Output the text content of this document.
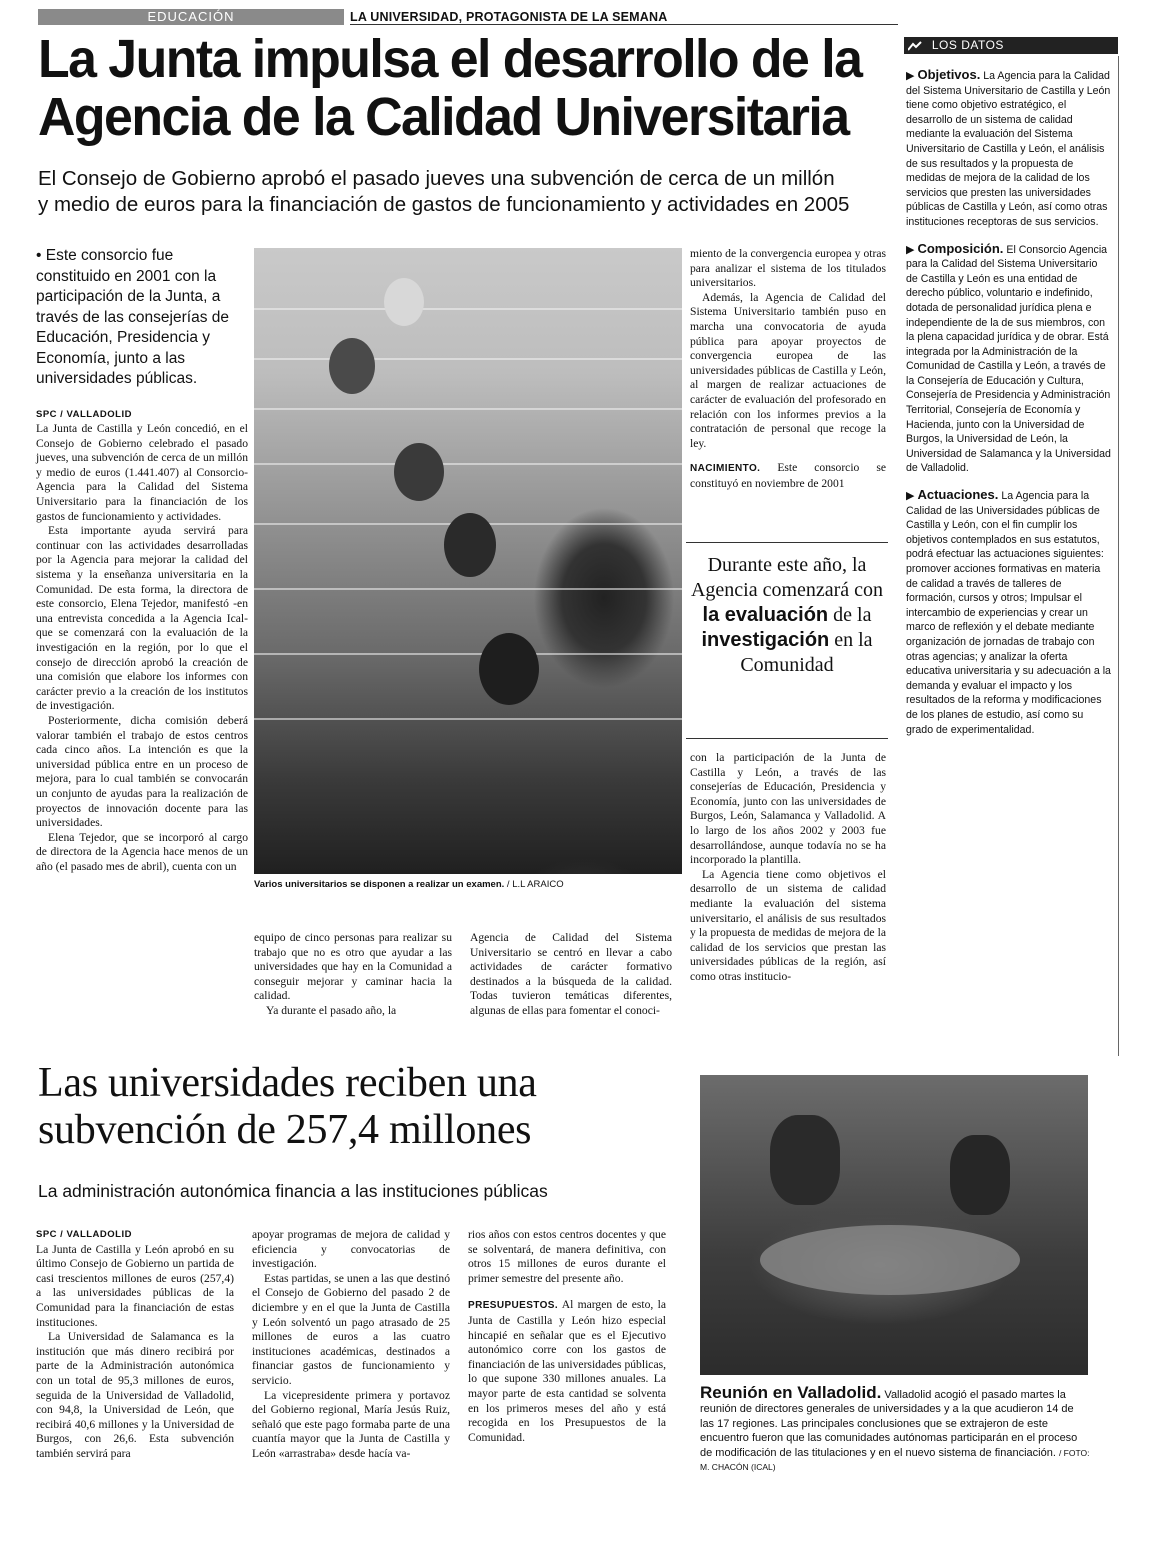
EDUCACIÓN	LA UNIVERSIDAD, PROTAGONISTA DE LA SEMANA
La Junta impulsa el desarrollo de la
Agencia de la Calidad Universitaria
El Consejo de Gobierno aprobó el pasado jueves una subvención de cerca de un millón
y medio de euros para la financiación de gastos de funcionamiento y actividades en 2005
• Este consorcio fue constituido en 2001 con la participación de la Junta, a través de las consejerías de Educación, Presidencia y Economía, junto a las universidades públicas.
SPC / VALLADOLID

La Junta de Castilla y León concedió, en el Consejo de Gobierno celebrado el pasado jueves, una subvención de cerca de un millón y medio de euros (1.441.407) al Consorcio-Agencia para la Calidad del Sistema Universitario para la financiación de los gastos de funcionamiento y actividades.

Esta importante ayuda servirá para continuar con las actividades desarrolladas por la Agencia para mejorar la calidad del sistema y la enseñanza universitaria en la Comunidad. De esta forma, la directora de este consorcio, Elena Tejedor, manifestó -en una entrevista concedida a la Agencia Ical- que se comenzará con la evaluación de la investigación en la región, por lo que el consejo de dirección aprobó la creación de una comisión que elabore los informes con carácter previo a la creación de los institutos de investigación.

Posteriormente, dicha comisión deberá valorar también el trabajo de estos centros cada cinco años. La intención es que la universidad pública entre en un proceso de mejora, para lo cual también se convocarán un conjunto de ayudas para la realización de proyectos de innovación docente para las universidades.

Elena Tejedor, que se incorporó al cargo de directora de la Agencia hace menos de un año (el pasado mes de abril), cuenta con un

Varios universitarios se disponen a realizar un examen. / L.L ARAICO

equipo de cinco personas para realizar su trabajo que no es otro que ayudar a las universidades que hay en la Comunidad a conseguir mejorar y caminar hacia la calidad.

Ya durante el pasado año, la

Agencia de Calidad del Sistema Universitario se centró en llevar a cabo actividades de carácter formativo destinados a la búsqueda de la calidad. Todas tuvieron temáticas diferentes, algunas de ellas para fomentar el conoci-

miento de la convergencia europea y otras para analizar el sistema de los titulados universitarios.

Además, la Agencia de Calidad del Sistema Universitario también puso en marcha una convocatoria de ayuda pública para apoyar proyectos de convergencia europea de las universidades públicas de Castilla y León, al margen de realizar actuaciones de carácter de evaluación del profesorado en relación con los informes previos a la contratación de personal que recoge la ley.

NACIMIENTO. Este consorcio se constituyó en noviembre de 2001

Durante este año, la Agencia comenzará con la evaluación de la investigación en la Comunidad

con la participación de la Junta de Castilla y León, a través de las consejerías de Educación, Presidencia y Economía, junto con las universidades de Burgos, León, Salamanca y Valladolid. A lo largo de los años 2002 y 2003 fue desarrollándose, aunque todavía no se ha incorporado la plantilla.

La Agencia tiene como objetivos el desarrollo de un sistema de calidad mediante la evaluación del sistema universitario, el análisis de sus resultados y la propuesta de medidas de mejora de la calidad de los servicios que prestan las universidades públicas de la región, así como otras institucio-

LOS DATOS
▶ Objetivos. La Agencia para la Calidad del Sistema Universitario de Castilla y León tiene como objetivo estratégico, el desarrollo de un sistema de calidad mediante la evaluación del Sistema Universitario de Castilla y León, el análisis de sus resultados y la propuesta de medidas de mejora de la calidad de los servicios que presten las universidades públicas de Castilla y León, así como otras instituciones receptoras de sus servicios.
▶ Composición. El Consorcio Agencia para la Calidad del Sistema Universitario de Castilla y León es una entidad de derecho público, voluntario e indefinido, dotada de personalidad jurídica plena e independiente de la de sus miembros, con la plena capacidad jurídica y de obrar. Está integrada por la Administración de la Comunidad de Castilla y León, a través de la Consejería de Educación y Cultura, Consejería de Presidencia y Administración Territorial, Consejería de Economía y Hacienda, junto con la Universidad de Burgos, la Universidad de León, la Universidad de Salamanca y la Universidad de Valladolid.
▶ Actuaciones. La Agencia para la Calidad de las Universidades públicas de Castilla y León, con el fin cumplir los objetivos contemplados en sus estatutos, podrá efectuar las actuaciones siguientes: promover acciones formativas en materia de calidad a través de talleres de formación, cursos y otros; Impulsar el intercambio de experiencias y crear un marco de reflexión y el debate mediante organización de jornadas de trabajo con otras agencias; y analizar la oferta educativa universitaria y su adecuación a la demanda y evaluar el impacto y los resultados de la reforma y modificaciones de los planes de estudio, así como su grado de experimentalidad.
Las universidades reciben una
subvención de 257,4 millones
La administración autonómica financia a las instituciones públicas
SPC / VALLADOLID

La Junta de Castilla y León aprobó en su último Consejo de Gobierno un partida de casi trescientos millones de euros (257,4) a las universidades públicas de la Comunidad para la financiación de estas instituciones.

La Universidad de Salamanca es la institución que más dinero recibirá por parte de la Administración autonómica con un total de 95,3 millones de euros, seguida de la Universidad de Valladolid, con 94,8, la Universidad de León, que recibirá 40,6 millones y la Universidad de Burgos, con 26,6. Esta subvención también servirá para

apoyar programas de mejora de calidad y eficiencia y convocatorias de investigación.

Estas partidas, se unen a las que destinó el Consejo de Gobierno del pasado 2 de diciembre y en el que la Junta de Castilla y León solventó un pago atrasado de 25 millones de euros a las cuatro instituciones académicas, destinados a financiar gastos de funcionamiento y servicio.

La vicepresidente primera y portavoz del Gobierno regional, María Jesús Ruiz, señaló que este pago formaba parte de una cuantía mayor que la Junta de Castilla y León «arrastraba» desde hacía va-

rios años con estos centros docentes y que se solventará, de manera definitiva, con otros 15 millones de euros durante el primer semestre del presente año.

PRESUPUESTOS. Al margen de esto, la Junta de Castilla y León hizo especial hincapié en señalar que es el Ejecutivo autonómico corre con los gastos de financiación de las universidades públicas, lo que supone 330 millones anuales. La mayor parte de esta cantidad se solventa en los primeros meses del año y está recogida en los Presupuestos de la Comunidad.

Reunión en Valladolid. Valladolid acogió el pasado martes la reunión de directores generales de universidades y a la que acudieron 14 de las 17 regiones. Las principales conclusiones que se extrajeron de este encuentro fueron que las comunidades autónomas participarán en el proceso de modificación de las titulaciones y en el nuevo sistema de financiación. / FOTO: M. CHACÓN (ICAL)
